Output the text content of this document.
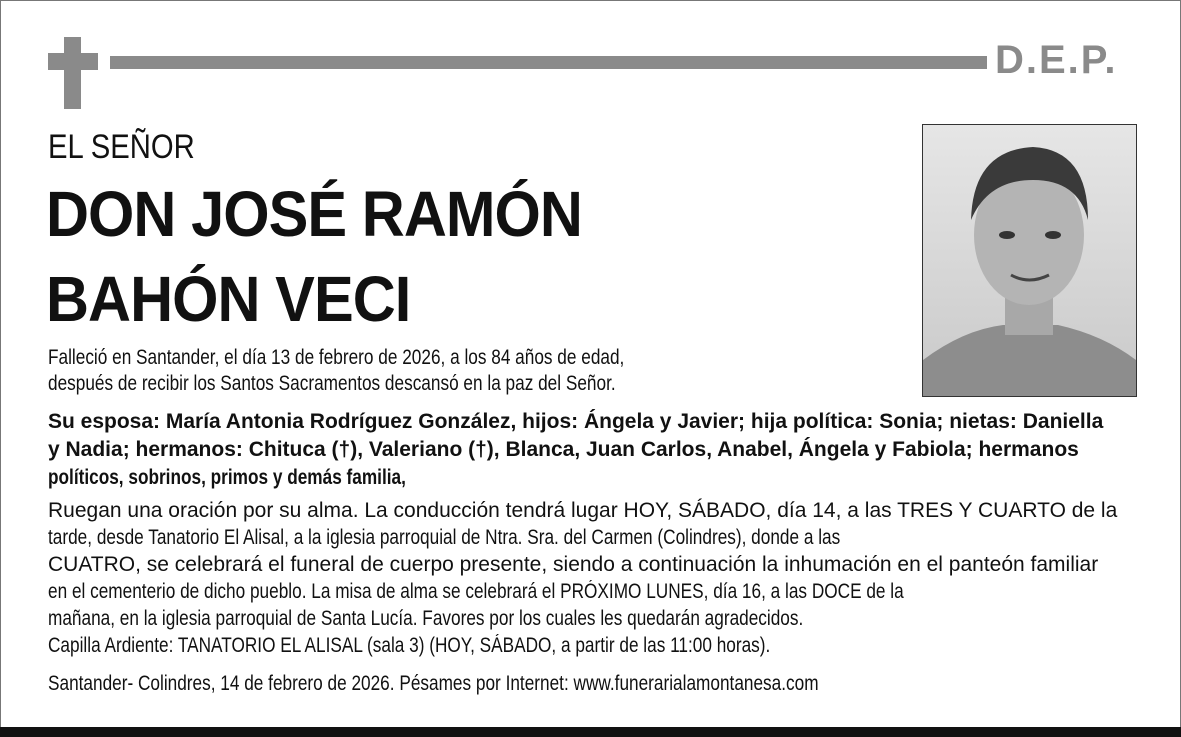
D.E.P.
EL SEÑOR
DON JOSÉ RAMÓN
BAHÓN VECI
Falleció en Santander, el día 13 de febrero de 2026, a los 84 años de edad,
después de recibir los Santos Sacramentos descansó en la paz del Señor.
Su esposa: María Antonia Rodríguez González, hijos: Ángela y Javier; hija política: Sonia; nietas: Daniella
y Nadia; hermanos: Chituca (†), Valeriano (†), Blanca, Juan Carlos, Anabel, Ángela y Fabiola; hermanos
políticos, sobrinos, primos y demás familia,
Ruegan una oración por su alma. La conducción tendrá lugar HOY, SÁBADO, día 14, a las TRES Y CUARTO de la
tarde, desde Tanatorio El Alisal, a la iglesia parroquial de Ntra. Sra. del Carmen (Colindres), donde a las
CUATRO, se celebrará el funeral de cuerpo presente, siendo a continuación la inhumación en el panteón familiar
en el cementerio de dicho pueblo. La misa de alma se celebrará el PRÓXIMO LUNES, día 16, a las DOCE de la
mañana, en la iglesia parroquial de Santa Lucía. Favores por los cuales les quedarán agradecidos.
Capilla Ardiente: TANATORIO EL ALISAL (sala 3) (HOY, SÁBADO, a partir de las 11:00 horas).
Santander- Colindres, 14 de febrero de 2026. Pésames por Internet: www.funerarialamontanesa.com
